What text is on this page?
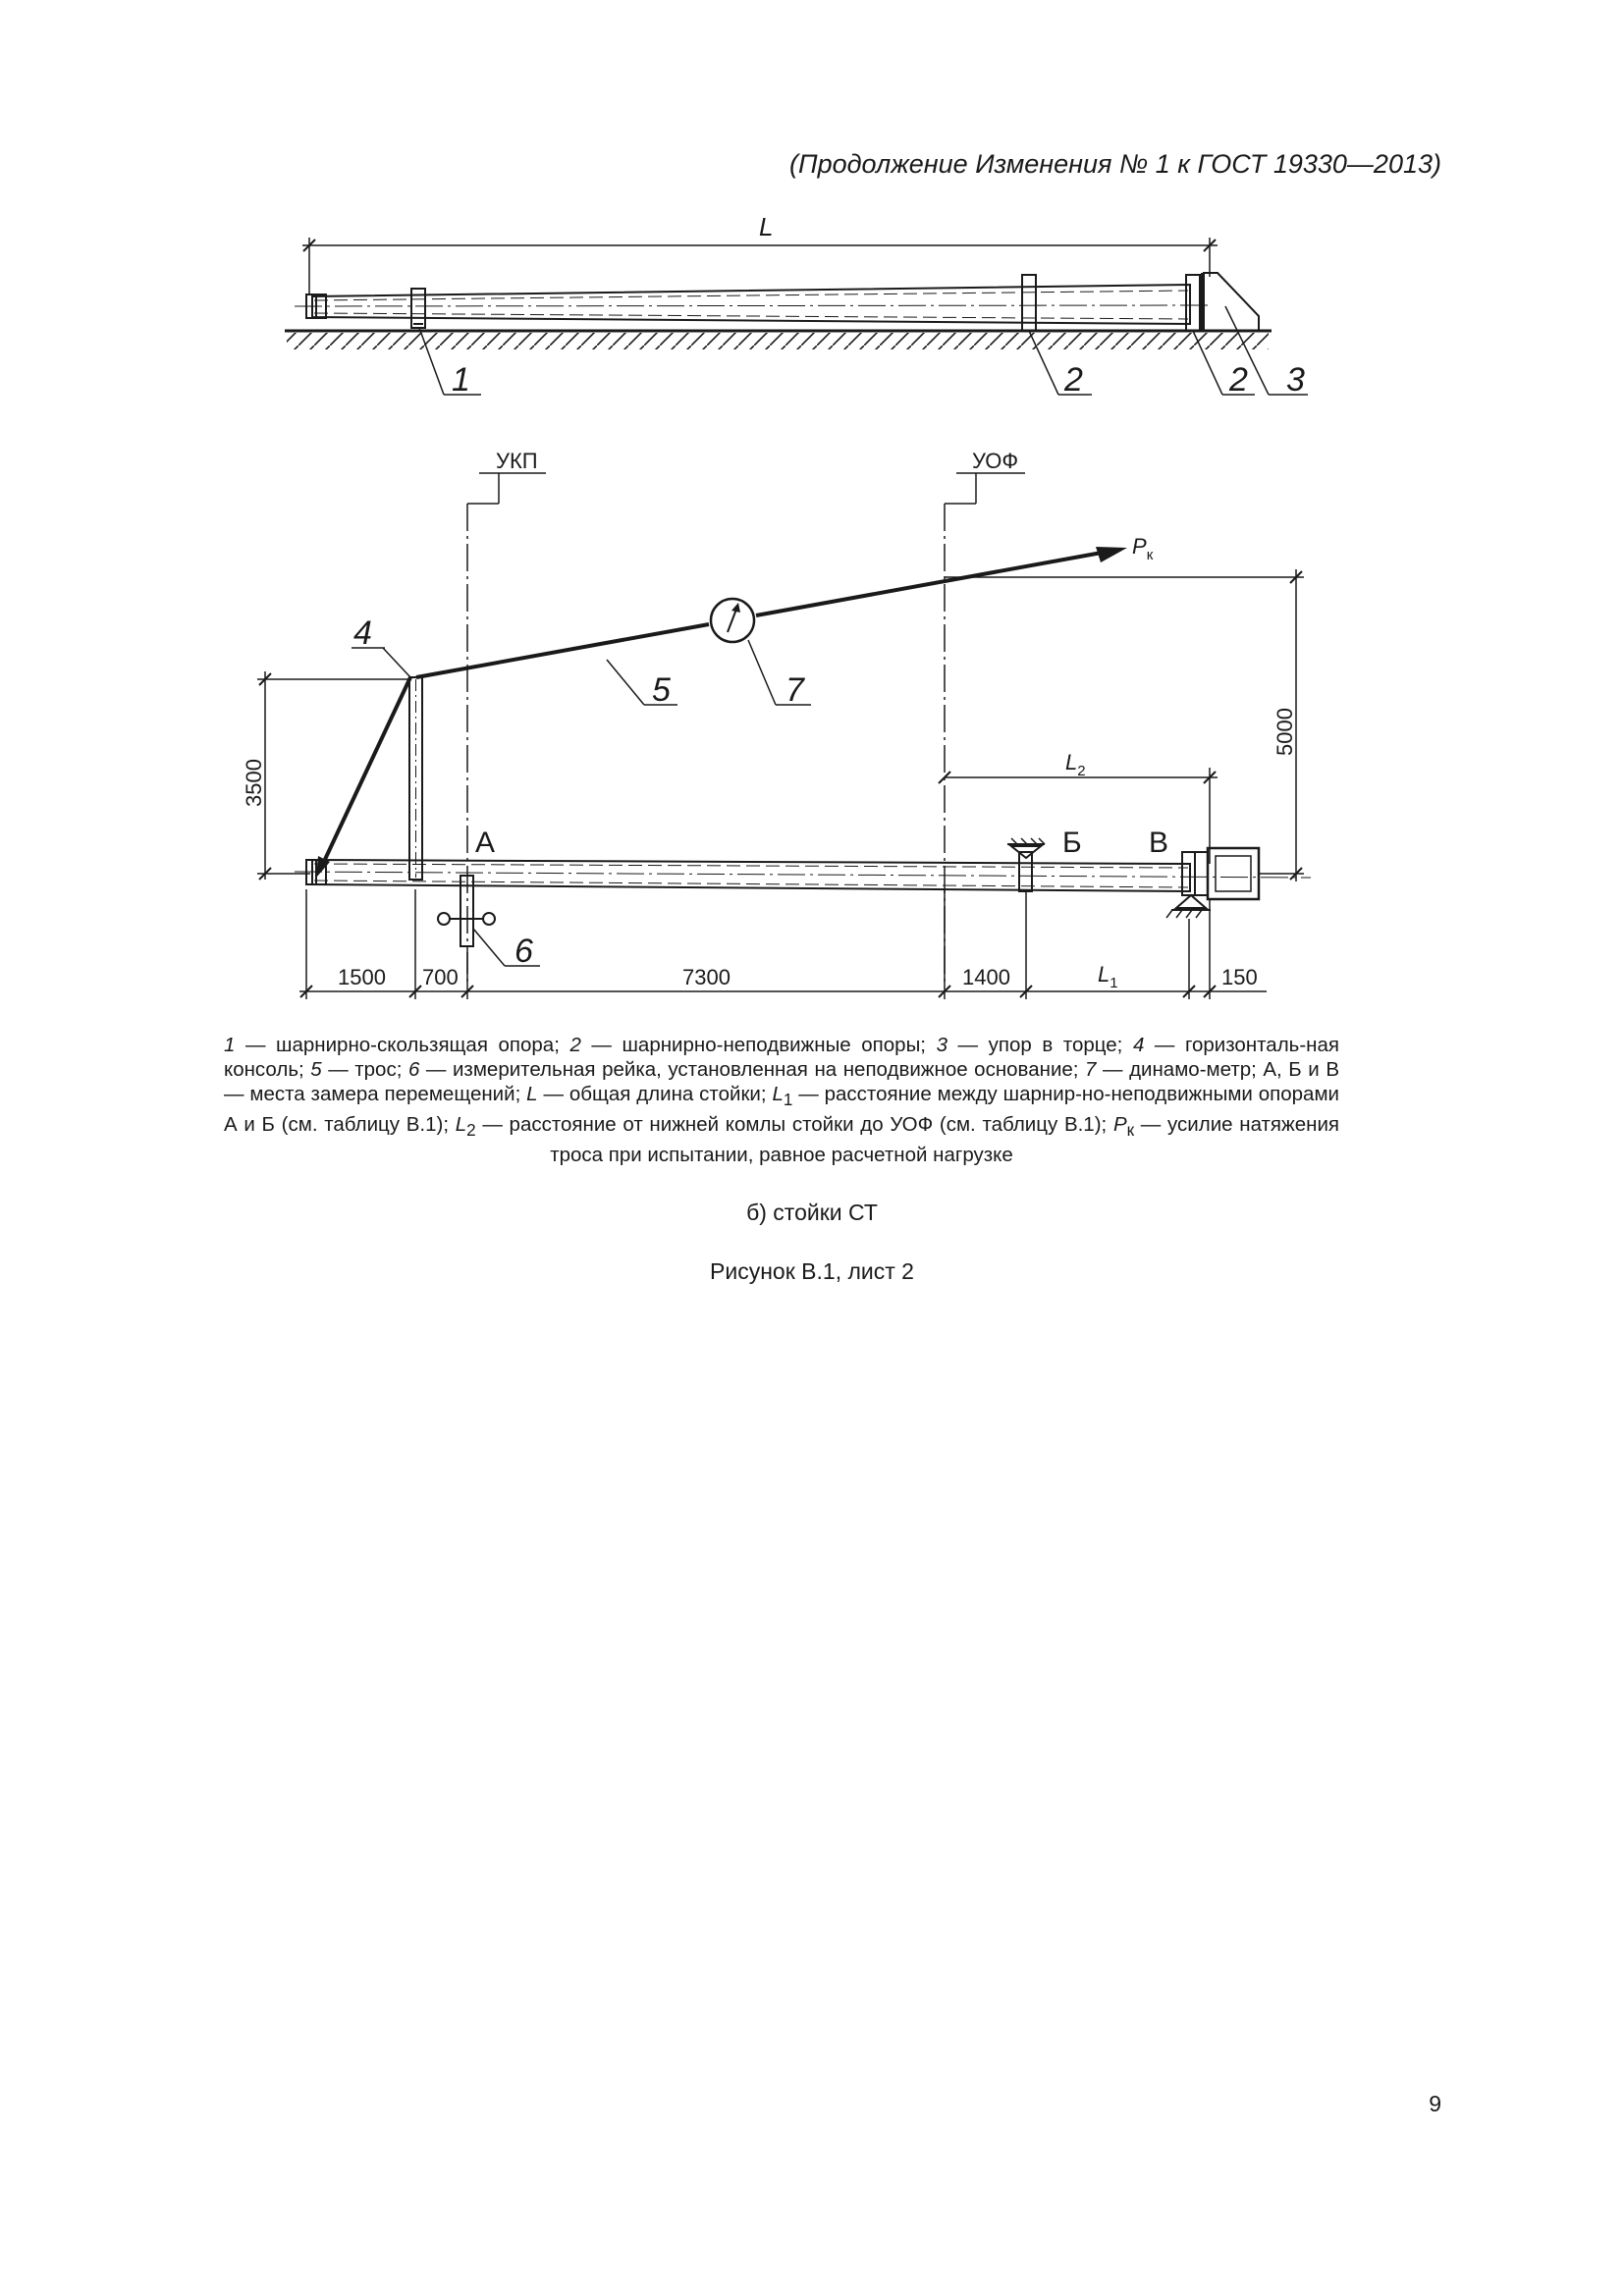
(Продолжение Изменения № 1 к ГОСТ 19330—2013)
L
1	2	2 3
УКП	УОФ
$P_к$
А	Б В
4
5	7
6
3500
5000
$L_2$
1500 700	7300	1400	$L_1$	150
1 — шарнирно-скользящая опора; 2 — шарнирно-неподвижные опоры; 3 — упор в торце; 4 — горизонталь-ная консоль; 5 — трос; 6 — измерительная рейка, установленная на неподвижное основание; 7 — динамо-метр; А, Б и В — места замера перемещений; L — общая длина стойки; $L_1$ — расстояние между шарнир-но-неподвижными опорами А и Б (см. таблицу В.1); $L_2$ — расстояние от нижней комлы стойки до УОФ (см. таблицу В.1); $P_к$ — усилие натяжения троса при испытании, равное расчетной нагрузке
б) стойки СТ
Рисунок В.1, лист 2
9
